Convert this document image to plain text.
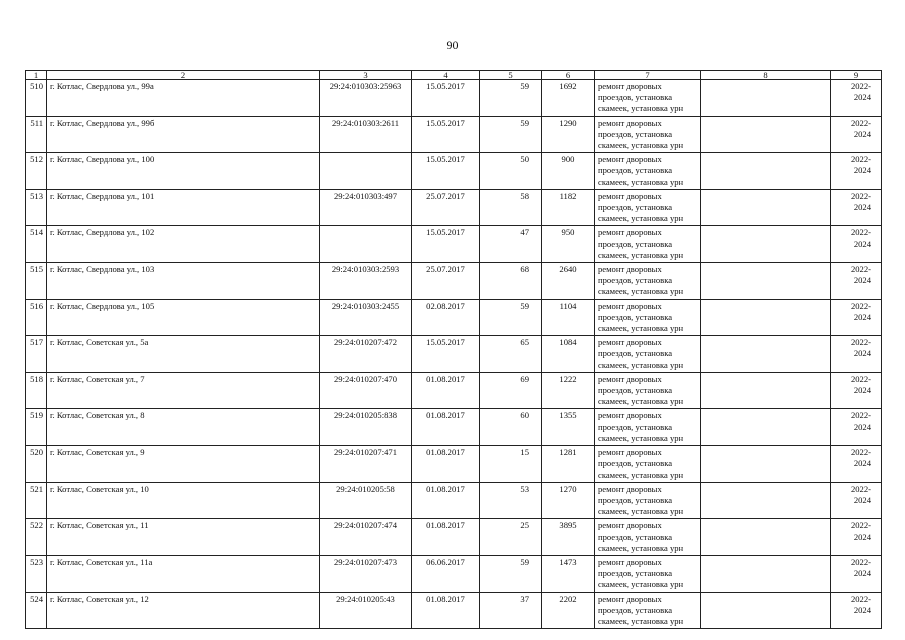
90
1	2	3	4	5	6	7	8	9
510	г. Котлас, Свердлова ул., 99а	29:24:010303:25963	15.05.2017	59	1692	ремонт дворовых проездов, установка скамеек, установка урн		2022-2024
511	г. Котлас, Свердлова ул., 99б	29:24:010303:2611	15.05.2017	59	1290	ремонт дворовых проездов, установка скамеек, установка урн		2022-2024
512	г. Котлас, Свердлова ул., 100		15.05.2017	50	900	ремонт дворовых проездов, установка скамеек, установка урн		2022-2024
513	г. Котлас, Свердлова ул., 101	29:24:010303:497	25.07.2017	58	1182	ремонт дворовых проездов, установка скамеек, установка урн		2022-2024
514	г. Котлас, Свердлова ул., 102		15.05.2017	47	950	ремонт дворовых проездов, установка скамеек, установка урн		2022-2024
515	г. Котлас, Свердлова ул., 103	29:24:010303:2593	25.07.2017	68	2640	ремонт дворовых проездов, установка скамеек, установка урн		2022-2024
516	г. Котлас, Свердлова ул., 105	29:24:010303:2455	02.08.2017	59	1104	ремонт дворовых проездов, установка скамеек, установка урн		2022-2024
517	г. Котлас, Советская ул., 5а	29:24:010207:472	15.05.2017	65	1084	ремонт дворовых проездов, установка скамеек, установка урн		2022-2024
518	г. Котлас, Советская ул., 7	29:24:010207:470	01.08.2017	69	1222	ремонт дворовых проездов, установка скамеек, установка урн		2022-2024
519	г. Котлас, Советская ул., 8	29:24:010205:838	01.08.2017	60	1355	ремонт дворовых проездов, установка скамеек, установка урн		2022-2024
520	г. Котлас, Советская ул., 9	29:24:010207:471	01.08.2017	15	1281	ремонт дворовых проездов, установка скамеек, установка урн		2022-2024
521	г. Котлас, Советская ул., 10	29:24:010205:58	01.08.2017	53	1270	ремонт дворовых проездов, установка скамеек, установка урн		2022-2024
522	г. Котлас, Советская ул., 11	29:24:010207:474	01.08.2017	25	3895	ремонт дворовых проездов, установка скамеек, установка урн		2022-2024
523	г. Котлас, Советская ул., 11а	29:24:010207:473	06.06.2017	59	1473	ремонт дворовых проездов, установка скамеек, установка урн		2022-2024
524	г. Котлас, Советская ул., 12	29:24:010205:43	01.08.2017	37	2202	ремонт дворовых проездов, установка скамеек, установка урн		2022-2024
